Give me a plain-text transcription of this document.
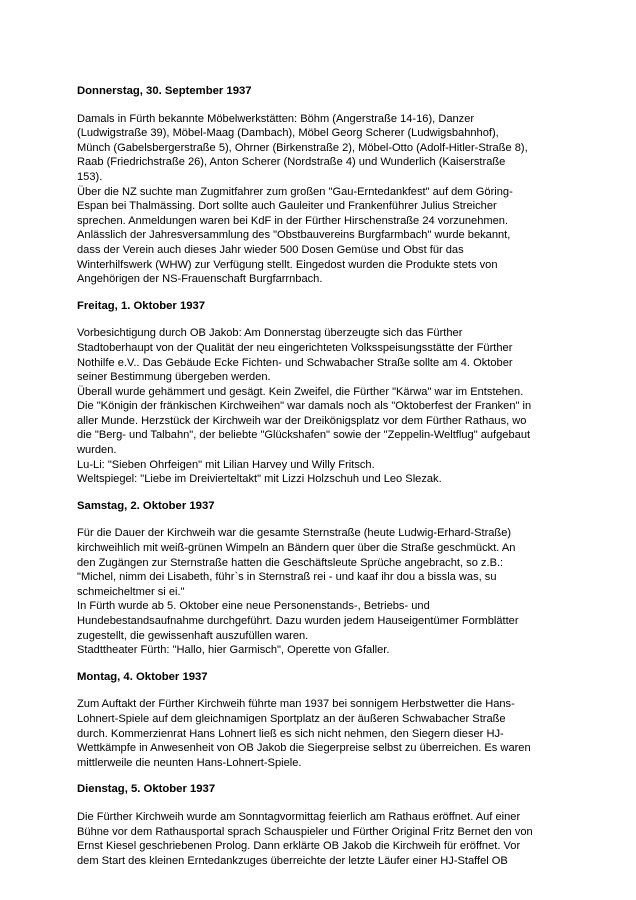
Donnerstag, 30. September 1937
Damals in Fürth bekannte Möbelwerkstätten: Böhm (Angerstraße 14-16), Danzer
(Ludwigstraße 39), Möbel-Maag (Dambach), Möbel Georg Scherer (Ludwigsbahnhof),
Münch (Gabelsbergerstraße 5), Ohrner (Birkenstraße 2), Möbel-Otto (Adolf-Hitler-Straße 8),
Raab (Friedrichstraße 26), Anton Scherer (Nordstraße 4) und Wunderlich (Kaiserstraße
153).
Über die NZ suchte man Zugmitfahrer zum großen "Gau-Erntedankfest" auf dem Göring-
Espan bei Thalmässing. Dort sollte auch Gauleiter und Frankenführer Julius Streicher
sprechen. Anmeldungen waren bei KdF in der Fürther Hirschenstraße 24 vorzunehmen.
Anlässlich der Jahresversammlung des "Obstbauvereins Burgfarmbach" wurde bekannt,
dass der Verein auch dieses Jahr wieder 500 Dosen Gemüse und Obst für das
Winterhilfswerk (WHW) zur Verfügung stellt. Eingedost wurden die Produkte stets von
Angehörigen der NS-Frauenschaft Burgfarrnbach.
Freitag, 1. Oktober 1937
Vorbesichtigung durch OB Jakob: Am Donnerstag überzeugte sich das Fürther
Stadtoberhaupt von der Qualität der neu eingerichteten Volksspeisungsstätte der Fürther
Nothilfe e.V.. Das Gebäude Ecke Fichten- und Schwabacher Straße sollte am 4. Oktober
seiner Bestimmung übergeben werden.
Überall wurde gehämmert und gesägt. Kein Zweifel, die Fürther "Kärwa" war im Entstehen.
Die "Königin der fränkischen Kirchweihen" war damals noch als "Oktoberfest der Franken" in
aller Munde. Herzstück der Kirchweih war der Dreikönigsplatz vor dem Fürther Rathaus, wo
die "Berg- und Talbahn", der beliebte "Glückshafen" sowie der "Zeppelin-Weltflug" aufgebaut
wurden.
Lu-Li: "Sieben Ohrfeigen" mit Lilian Harvey und Willy Fritsch.
Weltspiegel: "Liebe im Dreivierteltakt" mit Lizzi Holzschuh und Leo Slezak.
Samstag, 2. Oktober 1937
Für die Dauer der Kirchweih war die gesamte Sternstraße (heute Ludwig-Erhard-Straße)
kirchweihlich mit weiß-grünen Wimpeln an Bändern quer über die Straße geschmückt. An
den Zugängen zur Sternstraße hatten die Geschäftsleute Sprüche angebracht, so z.B.:
"Michel, nimm dei Lisabeth, führ`s in Sternstraß rei - und kaaf ihr dou a bissla was, su
schmeicheltmer si ei."
In Fürth wurde ab 5. Oktober eine neue Personenstands-, Betriebs- und
Hundebestandsaufnahme durchgeführt. Dazu wurden jedem Hauseigentümer Formblätter
zugestellt, die gewissenhaft auszufüllen waren.
Stadttheater Fürth: "Hallo, hier Garmisch", Operette von Gfaller.
Montag, 4. Oktober 1937
Zum Auftakt der Fürther Kirchweih führte man 1937 bei sonnigem Herbstwetter die Hans-
Lohnert-Spiele auf dem gleichnamigen Sportplatz an der äußeren Schwabacher Straße
durch. Kommerzienrat Hans Lohnert ließ es sich nicht nehmen, den Siegern dieser HJ-
Wettkämpfe in Anwesenheit von OB Jakob die Siegerpreise selbst zu überreichen. Es waren
mittlerweile die neunten Hans-Lohnert-Spiele.
Dienstag, 5. Oktober 1937
Die Fürther Kirchweih wurde am Sonntagvormittag feierlich am Rathaus eröffnet. Auf einer
Bühne vor dem Rathausportal sprach Schauspieler und Fürther Original Fritz Bernet den von
Ernst Kiesel geschriebenen Prolog. Dann erklärte OB Jakob die Kirchweih für eröffnet. Vor
dem Start des kleinen Erntedankzuges überreichte der letzte Läufer einer HJ-Staffel OB
